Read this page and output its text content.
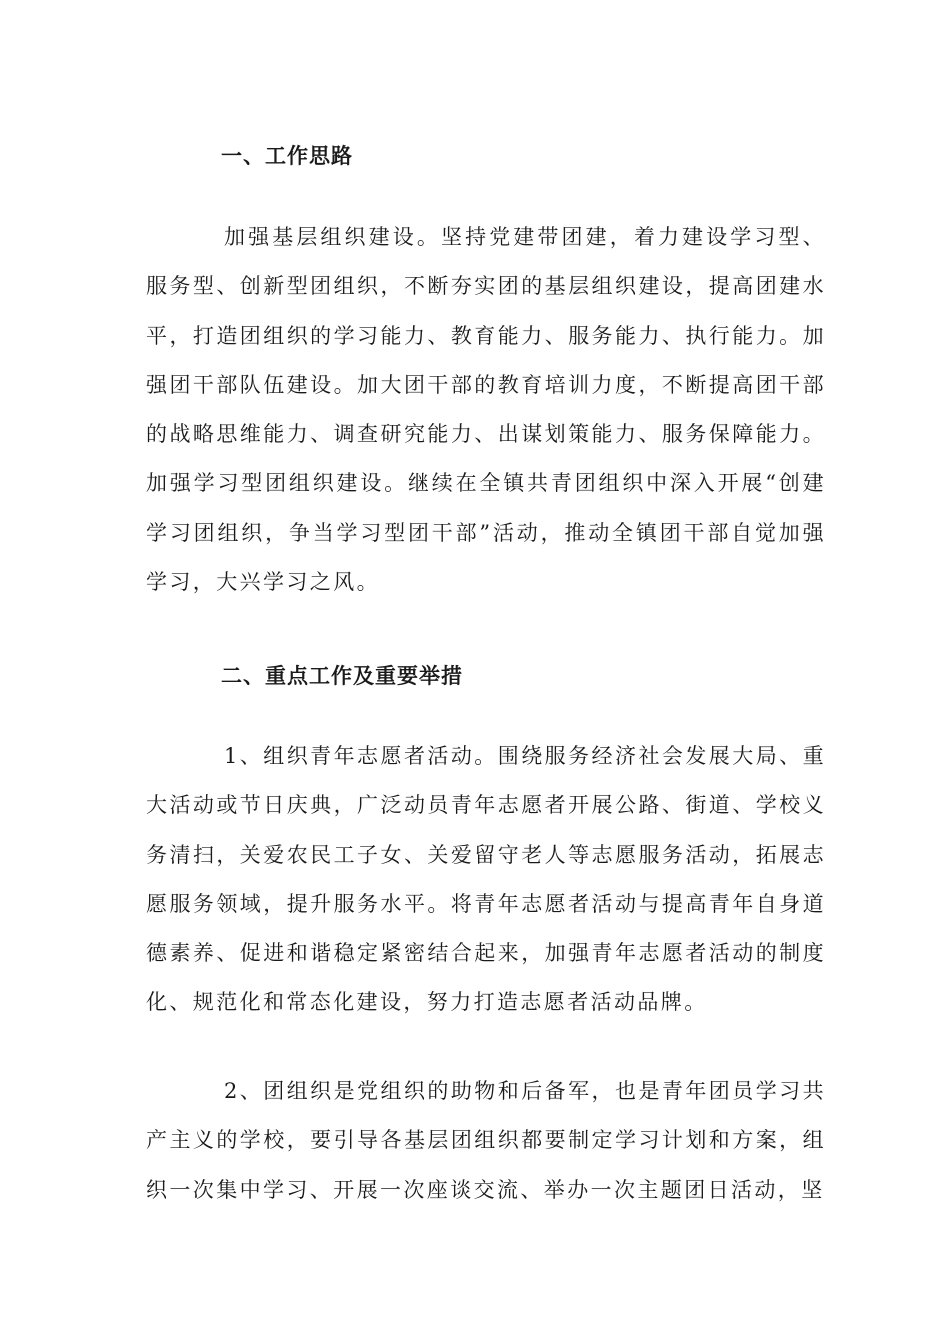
一、工作思路

加强基层组织建设。坚持党建带团建，着力建设学习型、服务型、创新型团组织，不断夯实团的基层组织建设，提高团建水平，打造团组织的学习能力、教育能力、服务能力、执行能力。加强团干部队伍建设。加大团干部的教育培训力度，不断提高团干部的战略思维能力、调查研究能力、出谋划策能力、服务保障能力。加强学习型团组织建设。继续在全镇共青团组织中深入开展“创建学习团组织，争当学习型团干部”活动，推动全镇团干部自觉加强学习，大兴学习之风。

二、重点工作及重要举措

1、组织青年志愿者活动。围绕服务经济社会发展大局、重大活动或节日庆典，广泛动员青年志愿者开展公路、街道、学校义务清扫，关爱农民工子女、关爱留守老人等志愿服务活动，拓展志愿服务领域，提升服务水平。将青年志愿者活动与提高青年自身道德素养、促进和谐稳定紧密结合起来，加强青年志愿者活动的制度化、规范化和常态化建设，努力打造志愿者活动品牌。

2、团组织是党组织的助物和后备军，也是青年团员学习共产主义的学校，要引导各基层团组织都要制定学习计划和方案，组织一次集中学习、开展一次座谈交流、举办一次主题团日活动，坚
